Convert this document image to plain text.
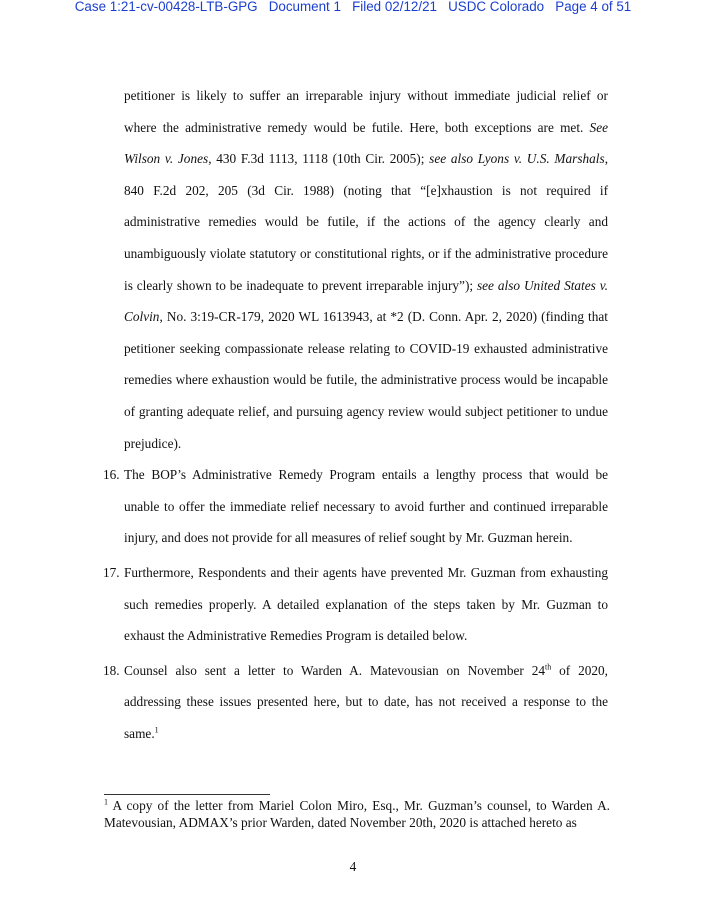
Case 1:21-cv-00428-LTB-GPG   Document 1   Filed 02/12/21   USDC Colorado   Page 4 of 51

petitioner is likely to suffer an irreparable injury without immediate judicial relief or where the administrative remedy would be futile. Here, both exceptions are met. See Wilson v. Jones, 430 F.3d 1113, 1118 (10th Cir. 2005); see also Lyons v. U.S. Marshals, 840 F.2d 202, 205 (3d Cir. 1988) (noting that “[e]xhaustion is not required if administrative remedies would be futile, if the actions of the agency clearly and unambiguously violate statutory or constitutional rights, or if the administrative procedure is clearly shown to be inadequate to prevent irreparable injury”); see also United States v. Colvin, No. 3:19-CR-179, 2020 WL 1613943, at *2 (D. Conn. Apr. 2, 2020) (finding that petitioner seeking compassionate release relating to COVID-19 exhausted administrative remedies where exhaustion would be futile, the administrative process would be incapable of granting adequate relief, and pursuing agency review would subject petitioner to undue prejudice).

16. The BOP’s Administrative Remedy Program entails a lengthy process that would be unable to offer the immediate relief necessary to avoid further and continued irreparable injury, and does not provide for all measures of relief sought by Mr. Guzman herein.

17. Furthermore, Respondents and their agents have prevented Mr. Guzman from exhausting such remedies properly. A detailed explanation of the steps taken by Mr. Guzman to exhaust the Administrative Remedies Program is detailed below.

18. Counsel also sent a letter to Warden A. Matevousian on November 24th of 2020, addressing these issues presented here, but to date, has not received a response to the same.$^1$

$^1$ A copy of the letter from Mariel Colon Miro, Esq., Mr. Guzman’s counsel, to Warden A. Matevousian, ADMAX’s prior Warden, dated November 20th, 2020 is attached hereto as
4
